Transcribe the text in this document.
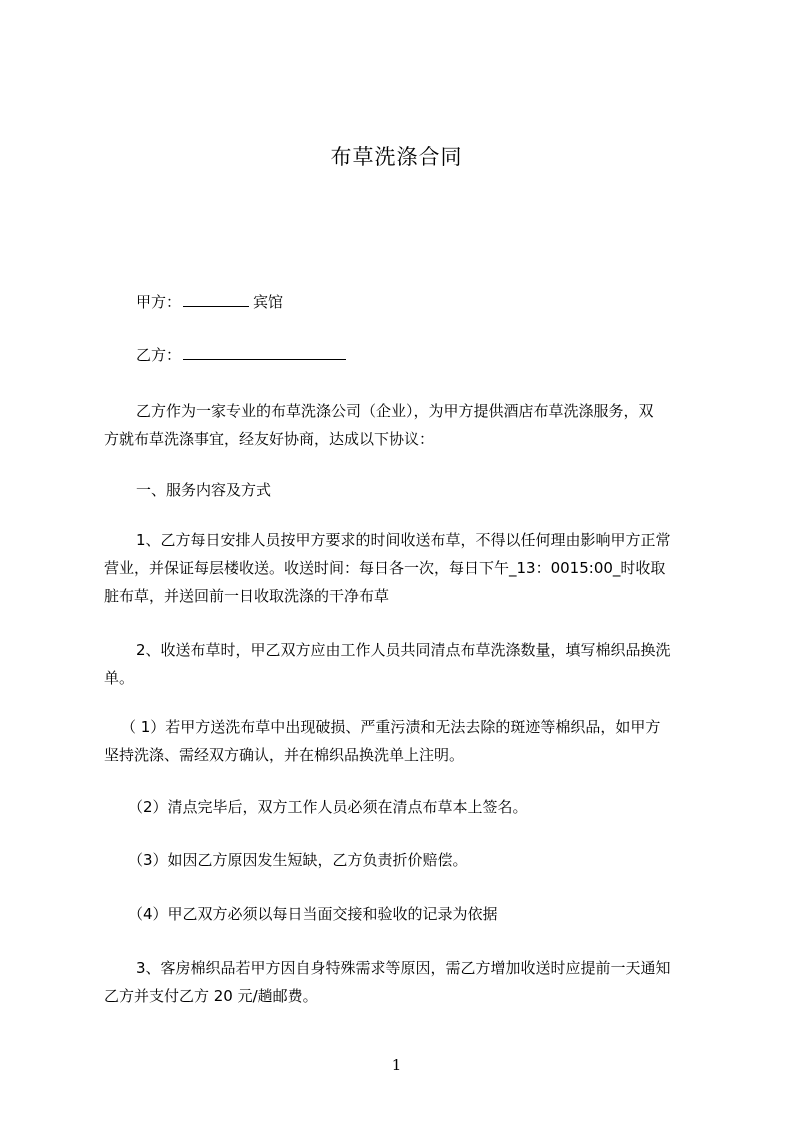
布草洗涤合同
甲方：	宾馆
乙方：
乙方作为一家专业的布草洗涤公司（企业），为甲方提供酒店布草洗涤服务，双
方就布草洗涤事宜，经友好协商，达成以下协议：
一、服务内容及方式
1、乙方每日安排人员按甲方要求的时间收送布草，不得以任何理由影响甲方正常
营业，并保证每层楼收送。收送时间：每日各一次，每日下午_13：0015:00_时收取
脏布草，并送回前一日收取洗涤的干净布草
2、收送布草时，甲乙双方应由工作人员共同清点布草洗涤数量，填写棉织品换洗
单。
（ 1）若甲方送洗布草中出现破损、严重污渍和无法去除的斑迹等棉织品，如甲方
坚持洗涤、需经双方确认，并在棉织品换洗单上注明。
（2）清点完毕后，双方工作人员必须在清点布草本上签名。
（3）如因乙方原因发生短缺，乙方负责折价赔偿。
（4）甲乙双方必须以每日当面交接和验收的记录为依据
3、客房棉织品若甲方因自身特殊需求等原因，需乙方增加收送时应提前一天通知
乙方并支付乙方 20 元/趟邮费。
1
